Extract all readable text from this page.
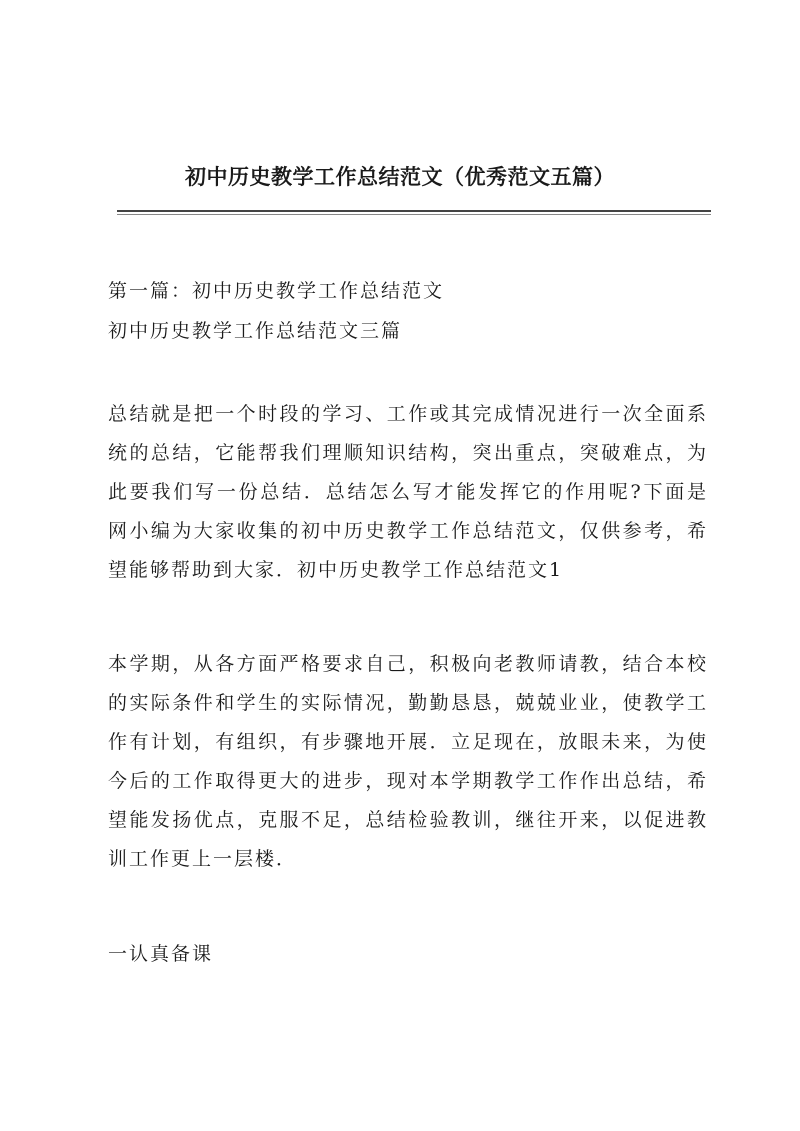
初中历史教学工作总结范文（优秀范文五篇）
第一篇：初中历史教学工作总结范文
初中历史教学工作总结范文三篇
总结就是把一个时段的学习、工作或其完成情况进行一次全面系统的总结，它能帮我们理顺知识结构，突出重点，突破难点，为此要我们写一份总结．总结怎么写才能发挥它的作用呢?下面是网小编为大家收集的初中历史教学工作总结范文，仅供参考，希望能够帮助到大家．初中历史教学工作总结范文1
本学期，从各方面严格要求自己，积极向老教师请教，结合本校的实际条件和学生的实际情况，勤勤恳恳，兢兢业业，使教学工作有计划，有组织，有步骤地开展．立足现在，放眼未来，为使今后的工作取得更大的进步，现对本学期教学工作作出总结，希望能发扬优点，克服不足，总结检验教训，继往开来，以促进教训工作更上一层楼．
一认真备课
